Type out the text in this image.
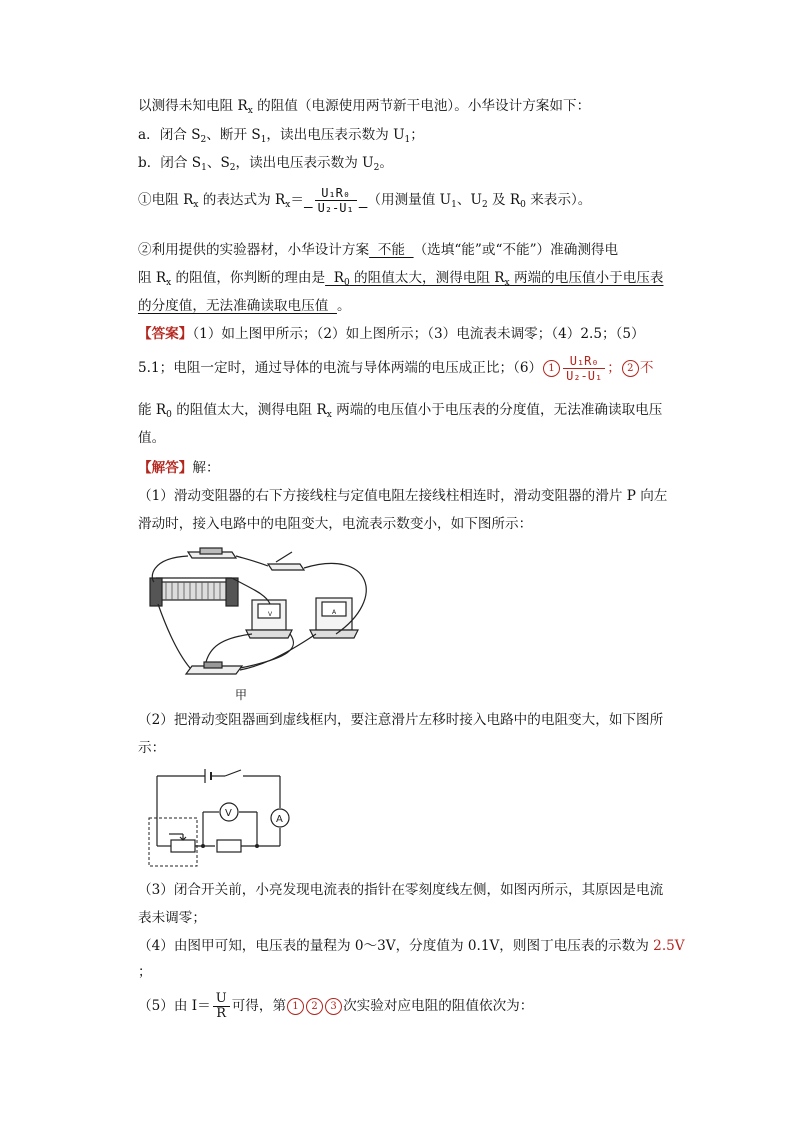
以测得未知电阻 $R_x$ 的阻值（电源使用两节新干电池）。小华设计方案如下：
a．闭合 $S_2$、断开 $S_1$，读出电压表示数为 $U_1$；
b．闭合 $S_1$、$S_2$，读出电压表示数为 $U_2$。
①电阻 $R_x$ 的表达式为 $R_x= \frac{\text{U₁R₀}}{\text{U₂-U₁}}$ （用测量值 $U_1$、$U_2$ 及 $R_0$ 来表示）。
②利用提供的实验器材，小华设计方案  不能  （选填“能”或“不能”）准确测得电
阻 $R_x$ 的阻值，你判断的理由是  $R_0$ 的阻值太大，测得电阻 $R_x$ 两端的电压值小于电压表
的分度值，无法准确读取电压值  。
【答案】（1）如上图甲所示；（2）如上图所示；（3）电流表未调零；（4）2.5；（5）
5.1；电阻一定时，通过导体的电流与导体两端的电压成正比；（6） $1 \frac{\text{U₁R₀}}{\text{U₂-U₁}}$ ； 2 不
能 $R_0$ 的阻值太大，测得电阻 $R_x$ 两端的电压值小于电压表的分度值，无法准确读取电压
值。
【解答】解：
（1）滑动变阻器的右下方接线柱与定值电阻左接线柱相连时，滑动变阻器的滑片 P 向左
滑动时，接入电路中的电阻变大，电流表示数变小，如下图所示：
V	A
甲
（2）把滑动变阻器画到虚线框内，要注意滑片左移时接入电路中的电阻变大，如下图所
示：
V
A
（3）闭合开关前，小亮发现电流表的指针在零刻度线左侧，如图丙所示，其原因是电流
表未调零；
（4）由图甲可知，电压表的量程为 0～3V，分度值为 0.1V，则图丁电压表的示数为 2.5V
；
（5）由 $I= \frac{U}{R}$ 可得，第 1 2 3 次实验对应电阻的阻值依次为：
